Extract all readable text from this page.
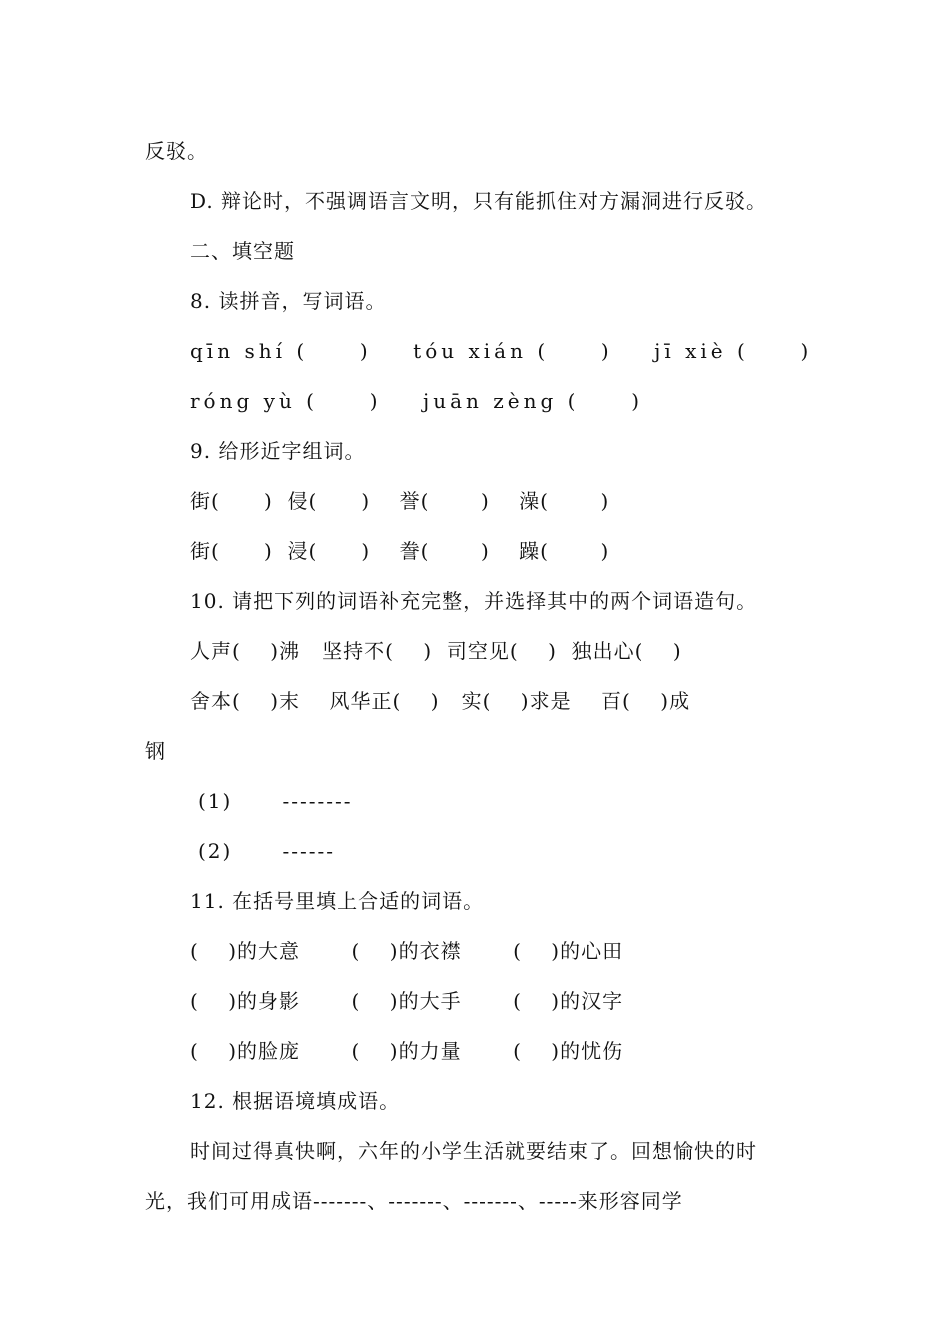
反驳。
D. 辩论时，不强调语言文明，只有能抓住对方漏洞进行反驳。
二、填空题
8. 读拼音，写词语。
qīn shí (     )    tóu xián (     )    jī xiè (     )
róng yù (     )    juān zèng (     )
9. 给形近字组词。
街(      )  侵(      )    誉(       )    澡(       )
街(      )  浸(      )    誊(       )    躁(       )
10. 请把下列的词语补充完整，并选择其中的两个词语造句。
人声(    )沸   坚持不(    )  司空见(    )  独出心(    )
舍本(    )末    风华正(    )   实(    )求是    百(    )成
钢
(1)      --------
(2)      ------
11. 在括号里填上合适的词语。
(    )的大意       (    )的衣襟       (    )的心田
(    )的身影       (    )的大手       (    )的汉字
(    )的脸庞       (    )的力量       (    )的忧伤
12. 根据语境填成语。
时间过得真快啊，六年的小学生活就要结束了。回想愉快的时
光，我们可用成语-------、-------、-------、-----来形容同学
